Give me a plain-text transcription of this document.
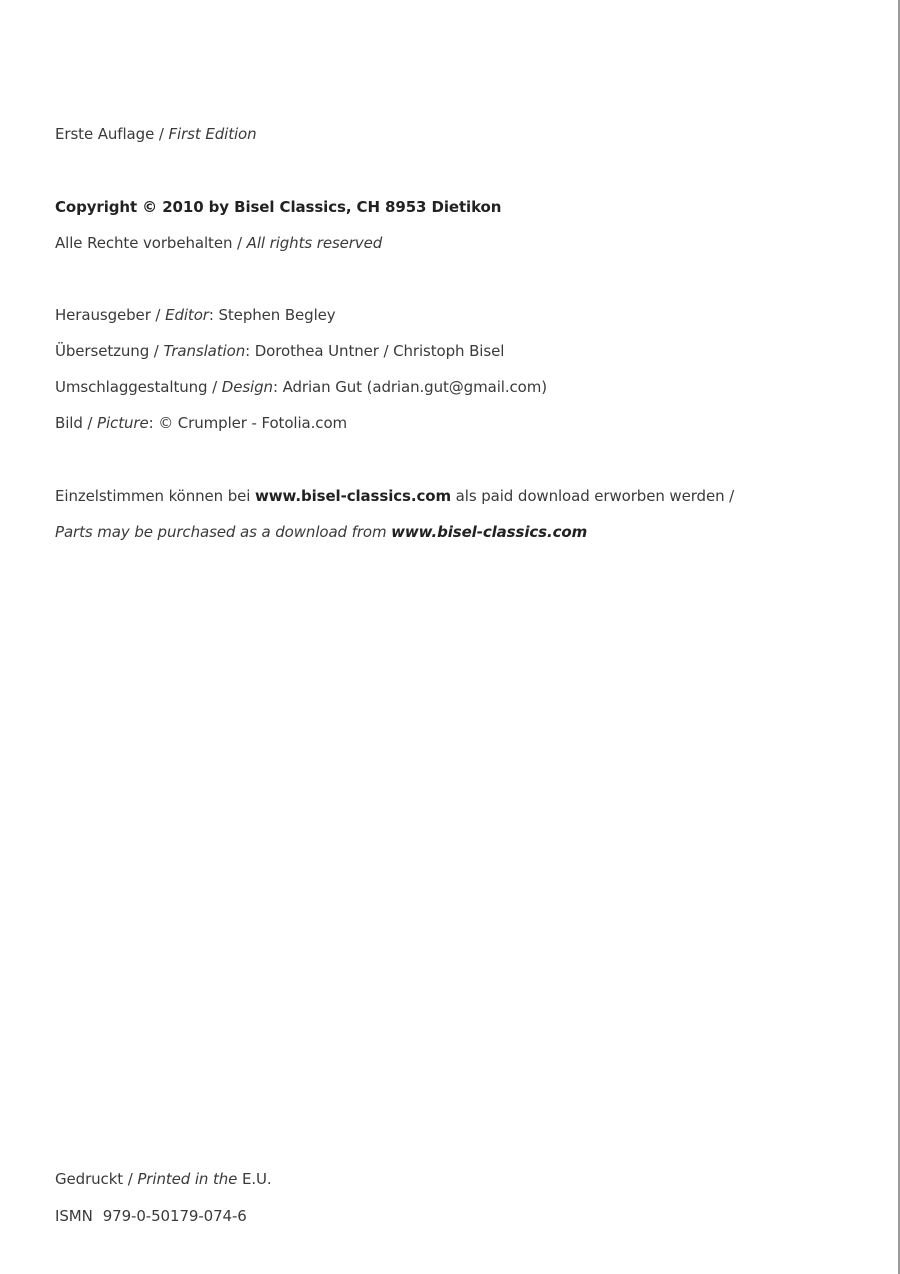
Erste Auflage / First Edition
Copyright © 2010 by Bisel Classics, CH 8953 Dietikon
Alle Rechte vorbehalten / All rights reserved
Herausgeber / Editor: Stephen Begley
Übersetzung / Translation: Dorothea Untner / Christoph Bisel
Umschlaggestaltung / Design: Adrian Gut (adrian.gut@gmail.com)
Bild / Picture: © Crumpler - Fotolia.com
Einzelstimmen können bei www.bisel-classics.com als paid download erworben werden /
Parts may be purchased as a download from www.bisel-classics.com
Gedruckt / Printed in the E.U.
ISMN 979-0-50179-074-6
